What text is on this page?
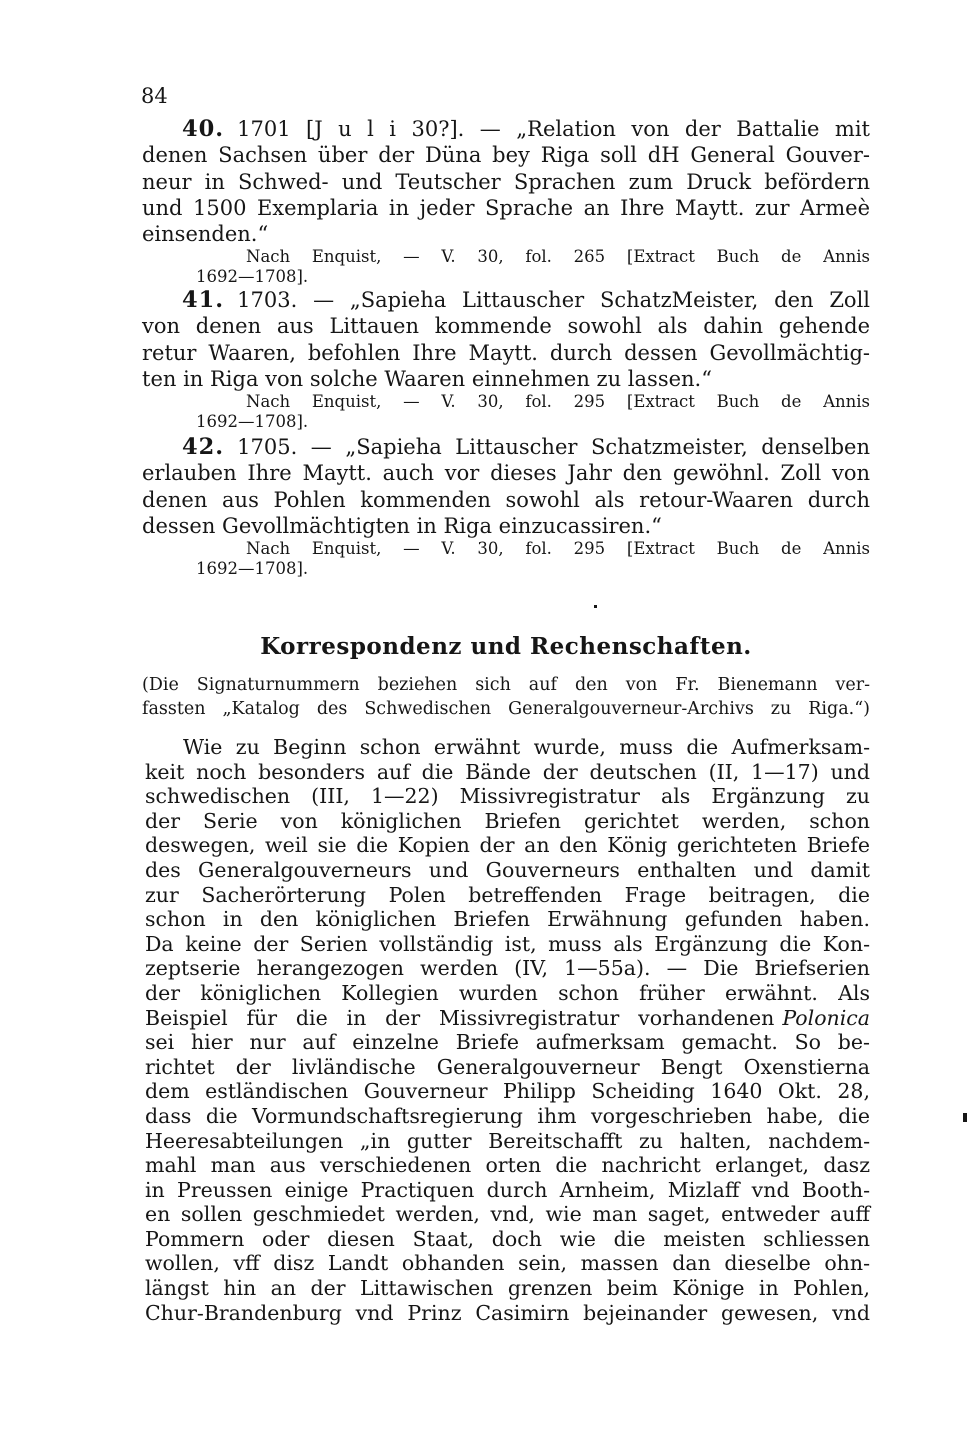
84
40. 1701 [J u l i 30?]. — „Relation von der Battalie mit
denen Sachsen über der Düna bey Riga soll dH General Gouver-
neur in Schwed- und Teutscher Sprachen zum Druck befördern
und 1500 Exemplaria in jeder Sprache an Ihre Maytt. zur Armeè
einsenden.“
Nach Enquist, — V. 30, fol. 265 [Extract Buch de Annis
1692—1708].
41. 1703. — „Sapieha Littauscher SchatzMeister, den Zoll
von denen aus Littauen kommende sowohl als dahin gehende
retur Waaren, befohlen Ihre Maytt. durch dessen Gevollmächtig-
ten in Riga von solche Waaren einnehmen zu lassen.“
Nach Enquist, — V. 30, fol. 295 [Extract Buch de Annis
1692—1708].
42. 1705. — „Sapieha Littauscher Schatzmeister, denselben
erlauben Ihre Maytt. auch vor dieses Jahr den gewöhnl. Zoll von
denen aus Pohlen kommenden sowohl als retour-Waaren durch
dessen Gevollmächtigten in Riga einzucassiren.“
Nach Enquist, — V. 30, fol. 295 [Extract Buch de Annis
1692—1708].
Korrespondenz und Rechenschaften.
(Die Signaturnummern beziehen sich auf den von Fr. Bienemann ver-
fassten „Katalog des Schwedischen Generalgouverneur-Archivs zu Riga.“)
Wie zu Beginn schon erwähnt wurde, muss die Aufmerksam-
keit noch besonders auf die Bände der deutschen (II, 1—17) und
schwedischen (III, 1—22) Missivregistratur als Ergänzung zu
der Serie von königlichen Briefen gerichtet werden, schon
deswegen, weil sie die Kopien der an den König gerichteten Briefe
des Generalgouverneurs und Gouverneurs enthalten und damit
zur Sacherörterung Polen betreffenden Frage beitragen, die
schon in den königlichen Briefen Erwähnung gefunden haben.
Da keine der Serien vollständig ist, muss als Ergänzung die Kon-
zeptserie herangezogen werden (IV, 1—55a). — Die Briefserien
der königlichen Kollegien wurden schon früher erwähnt. Als
Beispiel für die in der Missivregistratur vorhandenen Polonica
sei hier nur auf einzelne Briefe aufmerksam gemacht. So be-
richtet der livländische Generalgouverneur Bengt Oxenstierna
dem estländischen Gouverneur Philipp Scheiding 1640 Okt. 28,
dass die Vormundschaftsregierung ihm vorgeschrieben habe, die
Heeresabteilungen „in gutter Bereitschafft zu halten, nachdem-
mahl man aus verschiedenen orten die nachricht erlanget, dasz
in Preussen einige Practiquen durch Arnheim, Mizlaff vnd Booth-
en sollen geschmiedet werden, vnd, wie man saget, entweder auff
Pommern oder diesen Staat, doch wie die meisten schliessen
wollen, vff disz Landt obhanden sein, massen dan dieselbe ohn-
längst hin an der Littawischen grenzen beim Könige in Pohlen,
Chur-Brandenburg vnd Prinz Casimirn bejeinander gewesen, vnd
